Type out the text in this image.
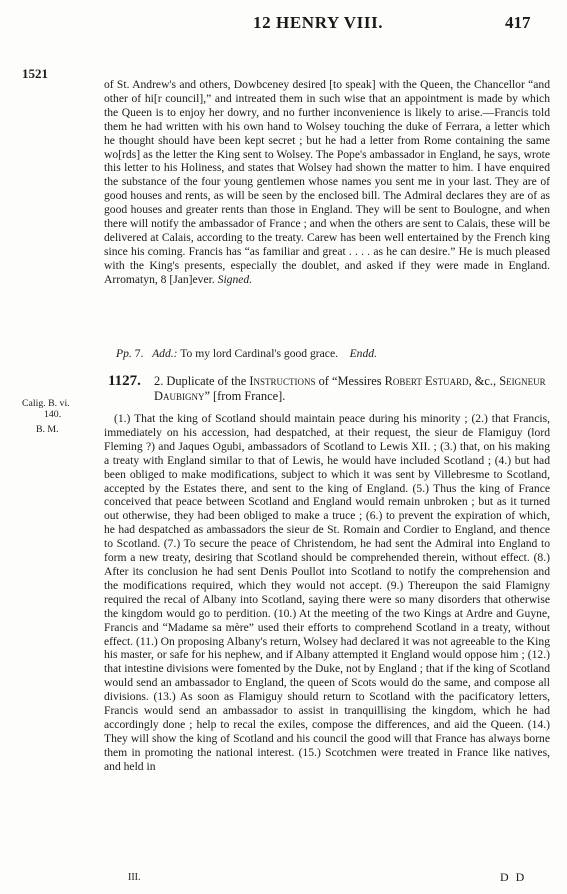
12 HENRY VIII.	417
1521
of St. Andrew's and others, Dowbceney desired [to speak] with the Queen, the Chancellor “and other of hi[r council],” and intreated them in such wise that an appointment is made by which the Queen is to enjoy her dowry, and no further inconvenience is likely to arise.—Francis told them he had written with his own hand to Wolsey touching the duke of Ferrara, a letter which he thought should have been kept secret ; but he had a letter from Rome containing the same wo[rds] as the letter the King sent to Wolsey. The Pope's ambassador in England, he says, wrote this letter to his Holiness, and states that Wolsey had shown the matter to him. I have enquired the substance of the four young gentlemen whose names you sent me in your last. They are of good houses and rents, as will be seen by the enclosed bill. The Admiral declares they are of as good houses and greater rents than those in England. They will be sent to Boulogne, and when there will notify the ambassador of France ; and when the others are sent to Calais, these will be delivered at Calais, according to the treaty. Carew has been well entertained by the French king since his coming. Francis has “as familiar and great . . . . as he can desire.” He is much pleased with the King's presents, especially the doublet, and asked if they were made in England. Arromatyn, 8 [Jan]ever. Signed.
Pp. 7. Add.: To my lord Cardinal's good grace. Endd.
1127. 2. Duplicate of the Instructions of “Messires Robert Estuard, &c., Seigneur Daubigny” [from France].
Calig. B. vi.
140.
B. M.
(1.) That the king of Scotland should maintain peace during his minority ; (2.) that Francis, immediately on his accession, had despatched, at their request, the sieur de Flamiguy (lord Fleming ?) and Jaques Ogubi, ambassadors of Scotland to Lewis XII. ; (3.) that, on his making a treaty with England similar to that of Lewis, he would have included Scotland ; (4.) but had been obliged to make modifications, subject to which it was sent by Villebresme to Scotland, accepted by the Estates there, and sent to the king of England. (5.) Thus the king of France conceived that peace between Scotland and England would remain unbroken ; but as it turned out otherwise, they had been obliged to make a truce ; (6.) to prevent the expiration of which, he had despatched as ambassadors the sieur de St. Romain and Cordier to England, and thence to Scotland. (7.) To secure the peace of Christendom, he had sent the Admiral into England to form a new treaty, desiring that Scotland should be comprehended therein, without effect. (8.) After its conclusion he had sent Denis Poullot into Scotland to notify the comprehension and the modifications required, which they would not accept. (9.) Thereupon the said Flamigny required the recal of Albany into Scotland, saying there were so many disorders that otherwise the kingdom would go to perdition. (10.) At the meeting of the two Kings at Ardre and Guyne, Francis and “Madame sa mère” used their efforts to comprehend Scotland in a treaty, without effect. (11.) On proposing Albany's return, Wolsey had declared it was not agreeable to the King his master, or safe for his nephew, and if Albany attempted it England would oppose him ; (12.) that intestine divisions were fomented by the Duke, not by England ; that if the king of Scotland would send an ambassador to England, the queen of Scots would do the same, and compose all divisions. (13.) As soon as Flamiguy should return to Scotland with the pacificatory letters, Francis would send an ambassador to assist in tranquillising the kingdom, which he had accordingly done ; help to recal the exiles, compose the differences, and aid the Queen. (14.) They will show the king of Scotland and his council the good will that France has always borne them in promoting the national interest. (15.) Scotchmen were treated in France like natives, and held in
III.	D D
